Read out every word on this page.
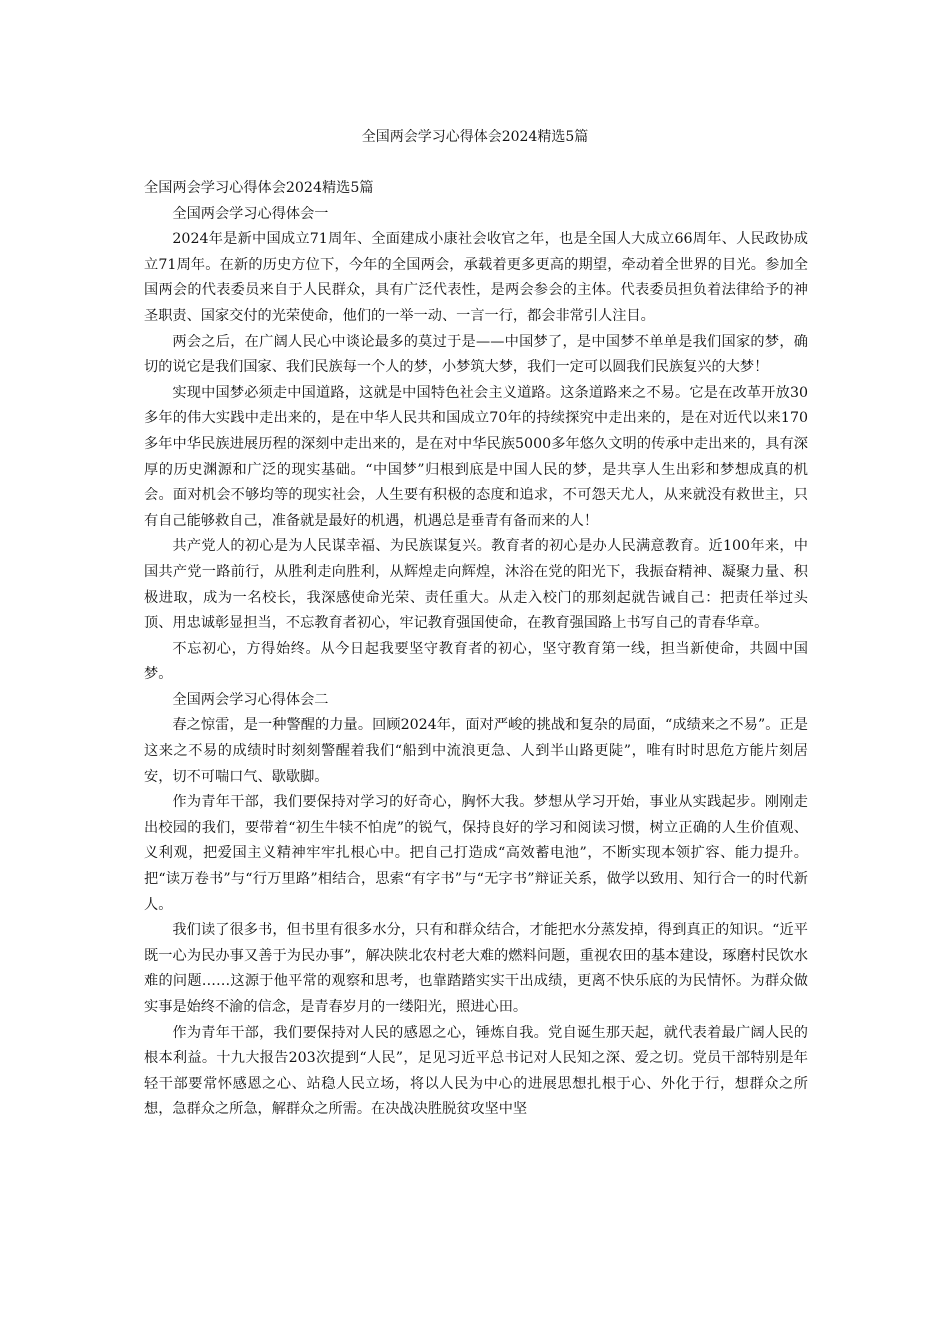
全国两会学习心得体会2024精选5篇

全国两会学习心得体会2024精选5篇

全国两会学习心得体会一

2024年是新中国成立71周年、全面建成小康社会收官之年，也是全国人大成立66周年、人民政协成立71周年。在新的历史方位下，今年的全国两会，承载着更多更高的期望，牵动着全世界的目光。参加全国两会的代表委员来自于人民群众，具有广泛代表性，是两会参会的主体。代表委员担负着法律给予的神圣职责、国家交付的光荣使命，他们的一举一动、一言一行，都会非常引人注目。

两会之后，在广阔人民心中谈论最多的莫过于是——中国梦了，是中国梦不单单是我们国家的梦，确切的说它是我们国家、我们民族每一个人的梦，小梦筑大梦，我们一定可以圆我们民族复兴的大梦！

实现中国梦必须走中国道路，这就是中国特色社会主义道路。这条道路来之不易。它是在改革开放30多年的伟大实践中走出来的，是在中华人民共和国成立70年的持续探究中走出来的，是在对近代以来170多年中华民族进展历程的深刻中走出来的，是在对中华民族5000多年悠久文明的传承中走出来的，具有深厚的历史渊源和广泛的现实基础。“中国梦”归根到底是中国人民的梦，是共享人生出彩和梦想成真的机会。面对机会不够均等的现实社会，人生要有积极的态度和追求，不可怨天尤人，从来就没有救世主，只有自己能够救自己，准备就是最好的机遇，机遇总是垂青有备而来的人！

共产党人的初心是为人民谋幸福、为民族谋复兴。教育者的初心是办人民满意教育。近100年来，中国共产党一路前行，从胜利走向胜利，从辉煌走向辉煌，沐浴在党的阳光下，我振奋精神、凝聚力量、积极进取，成为一名校长，我深感使命光荣、责任重大。从走入校门的那刻起就告诫自己：把责任举过头顶、用忠诚彰显担当，不忘教育者初心，牢记教育强国使命，在教育强国路上书写自己的青春华章。

不忘初心，方得始终。从今日起我要坚守教育者的初心，坚守教育第一线，担当新使命，共圆中国梦。

全国两会学习心得体会二

春之惊雷，是一种警醒的力量。回顾2024年，面对严峻的挑战和复杂的局面，“成绩来之不易”。正是这来之不易的成绩时时刻刻警醒着我们“船到中流浪更急、人到半山路更陡”，唯有时时思危方能片刻居安，切不可喘口气、歇歇脚。

作为青年干部，我们要保持对学习的好奇心，胸怀大我。梦想从学习开始，事业从实践起步。刚刚走出校园的我们，要带着“初生牛犊不怕虎”的锐气，保持良好的学习和阅读习惯，树立正确的人生价值观、义利观，把爱国主义精神牢牢扎根心中。把自己打造成“高效蓄电池”，不断实现本领扩容、能力提升。把“读万卷书”与“行万里路”相结合，思索“有字书”与“无字书”辩证关系，做学以致用、知行合一的时代新人。

我们读了很多书，但书里有很多水分，只有和群众结合，才能把水分蒸发掉，得到真正的知识。“近平既一心为民办事又善于为民办事”，解决陕北农村老大难的燃料问题，重视农田的基本建设，琢磨村民饮水难的问题……这源于他平常的观察和思考，也靠踏踏实实干出成绩，更离不快乐底的为民情怀。为群众做实事是始终不渝的信念，是青春岁月的一缕阳光，照进心田。

作为青年干部，我们要保持对人民的感恩之心，锤炼自我。党自诞生那天起，就代表着最广阔人民的根本利益。十九大报告203次提到“人民”，足见习近平总书记对人民知之深、爱之切。党员干部特别是年轻干部要常怀感恩之心、站稳人民立场，将以人民为中心的进展思想扎根于心、外化于行，想群众之所想，急群众之所急，解群众之所需。在决战决胜脱贫攻坚中坚
